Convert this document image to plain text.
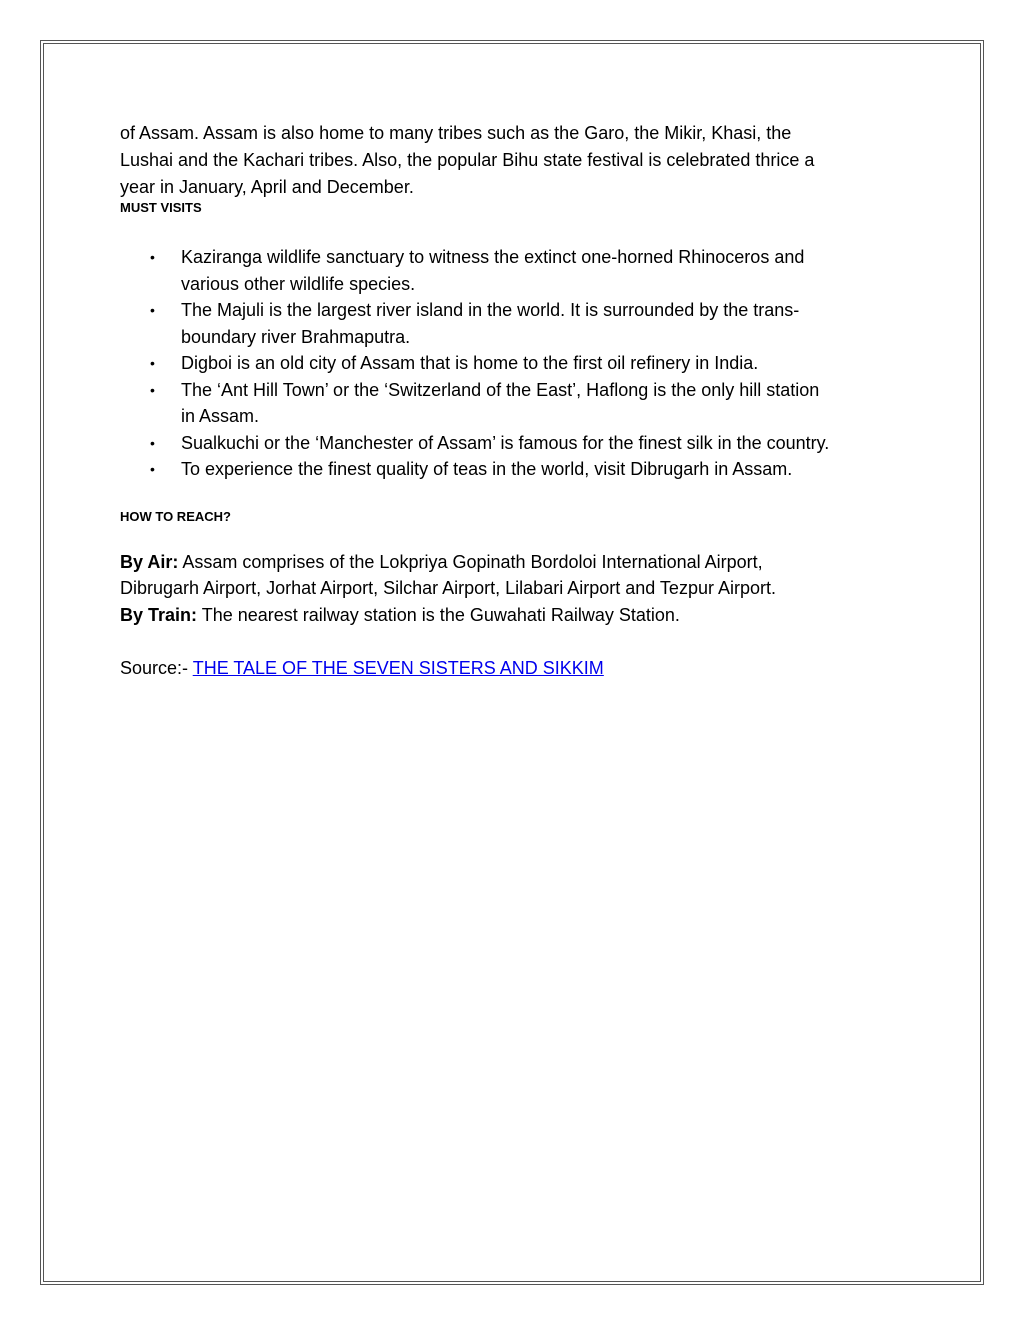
of Assam. Assam is also home to many tribes such as the Garo, the Mikir, Khasi, the
Lushai and the Kachari tribes. Also, the popular Bihu state festival is celebrated thrice a
year in January, April and December.

MUST VISITS

• Kaziranga wildlife sanctuary to witness the extinct one-horned Rhinoceros and
various other wildlife species.
• The Majuli is the largest river island in the world. It is surrounded by the trans-
boundary river Brahmaputra.
• Digboi is an old city of Assam that is home to the first oil refinery in India.
• The ‘Ant Hill Town’ or the ‘Switzerland of the East’, Haflong is the only hill station
in Assam.
• Sualkuchi or the ‘Manchester of Assam’ is famous for the finest silk in the country.
• To experience the finest quality of teas in the world, visit Dibrugarh in Assam.

HOW TO REACH?

By Air: Assam comprises of the Lokpriya Gopinath Bordoloi International Airport,
Dibrugarh Airport, Jorhat Airport, Silchar Airport, Lilabari Airport and Tezpur Airport.
By Train: The nearest railway station is the Guwahati Railway Station.
Source:- THE TALE OF THE SEVEN SISTERS AND SIKKIM
